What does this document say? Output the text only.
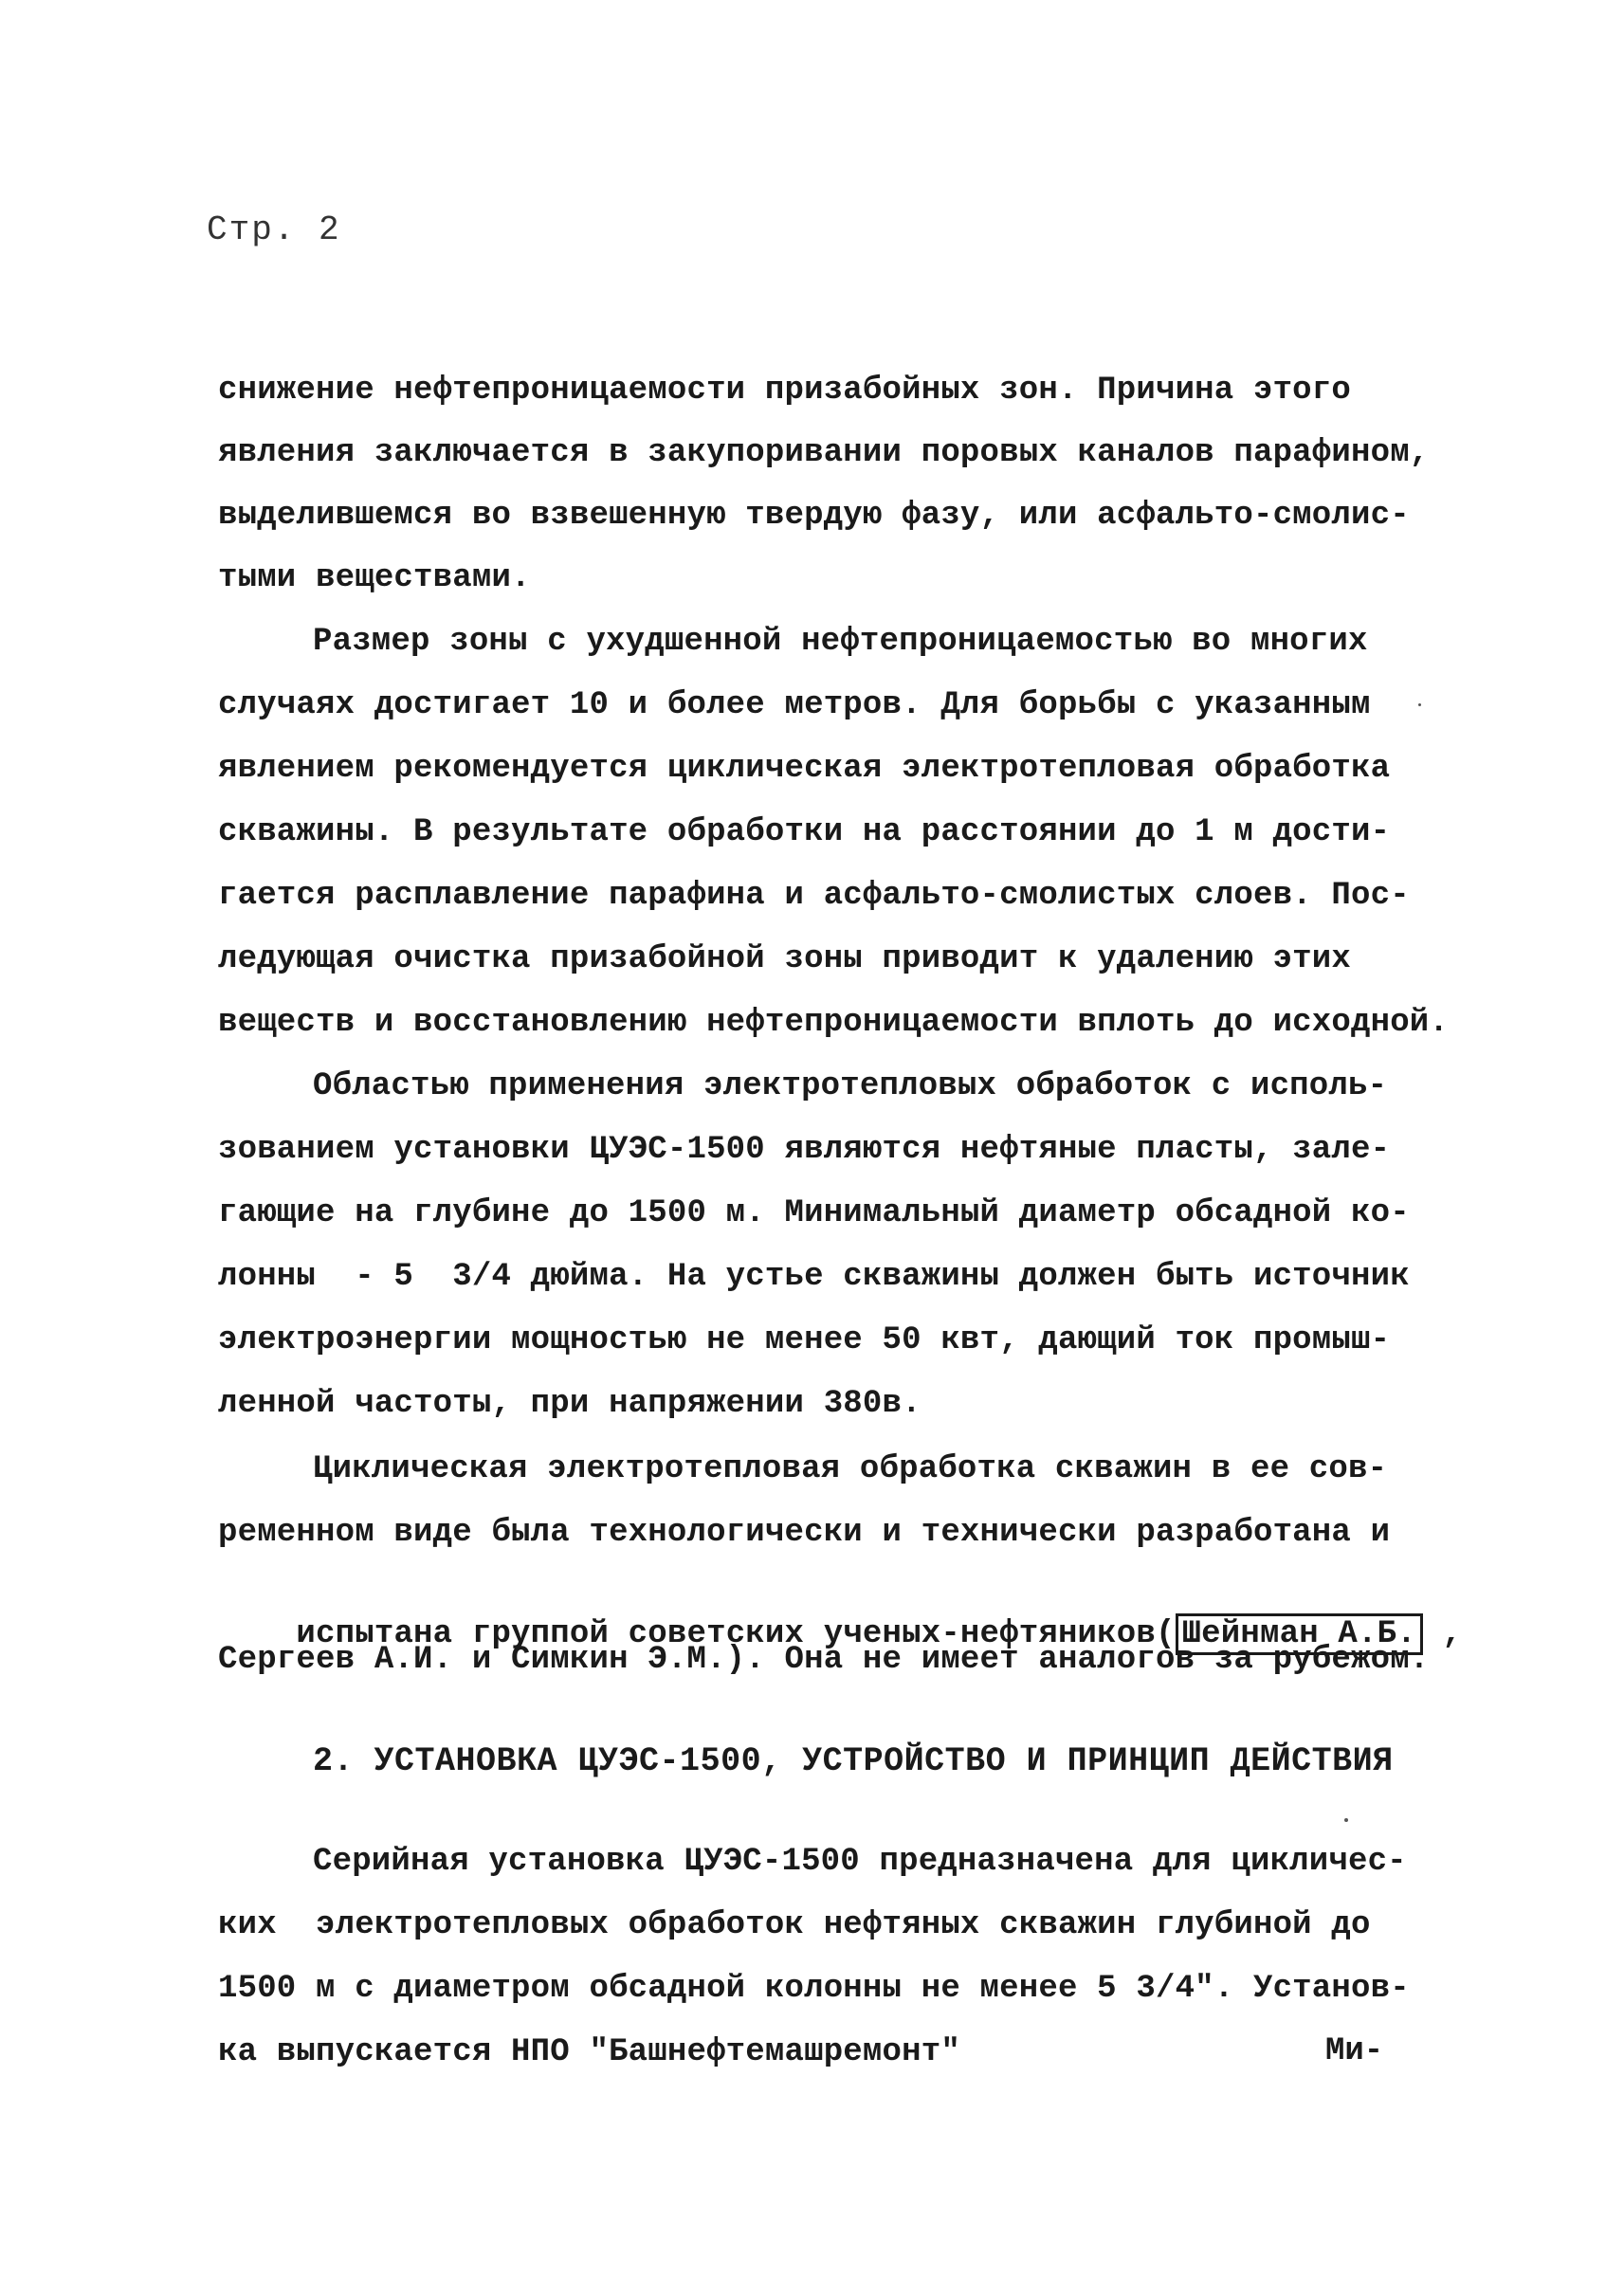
Стр. 2
снижение нефтепроницаемости призабойных зон. Причина этого
явления заключается в закупоривании поровых каналов парафином,
выделившемся во взвешенную твердую фазу, или асфальто-смолис-
тыми веществами.
Размер зоны с ухудшенной нефтепроницаемостью во многих
случаях достигает 10 и более метров. Для борьбы с указанным
явлением рекомендуется циклическая электротепловая обработка
скважины. В результате обработки на расстоянии до 1 м дости-
гается расплавление парафина и асфальто-смолистых слоев. Пос-
ледующая очистка призабойной зоны приводит к удалению этих
веществ и восстановлению нефтепроницаемости вплоть до исходной.
Областью применения электротепловых обработок с исполь-
зованием установки ЦУЭС-1500 являются нефтяные пласты, зале-
гающие на глубине до 1500 м. Минимальный диаметр обсадной ко-
лонны  - 5  3/4 дюйма. На устье скважины должен быть источник
электроэнергии мощностью не менее 50 квт, дающий ток промыш-
ленной частоты, при напряжении 380в.
Циклическая электротепловая обработка скважин в ее сов-
ременном виде была технологически и технически разработана и

испытана группой советских ученых-нефтяников( Шейнман А.Б. ,

Сергеев А.И. и Симкин Э.М.). Она не имеет аналогов за рубежом.
2. УСТАНОВКА ЦУЭС-1500, УСТРОЙСТВО И ПРИНЦИП ДЕЙСТВИЯ
Серийная установка ЦУЭС-1500 предназначена для цикличес-
ких  электротепловых обработок нефтяных скважин глубиной до
1500 м с диаметром обсадной колонны не менее 5 3/4". Установ-
ка выпускается НПО "Башнефтемашремонт"	Ми-
